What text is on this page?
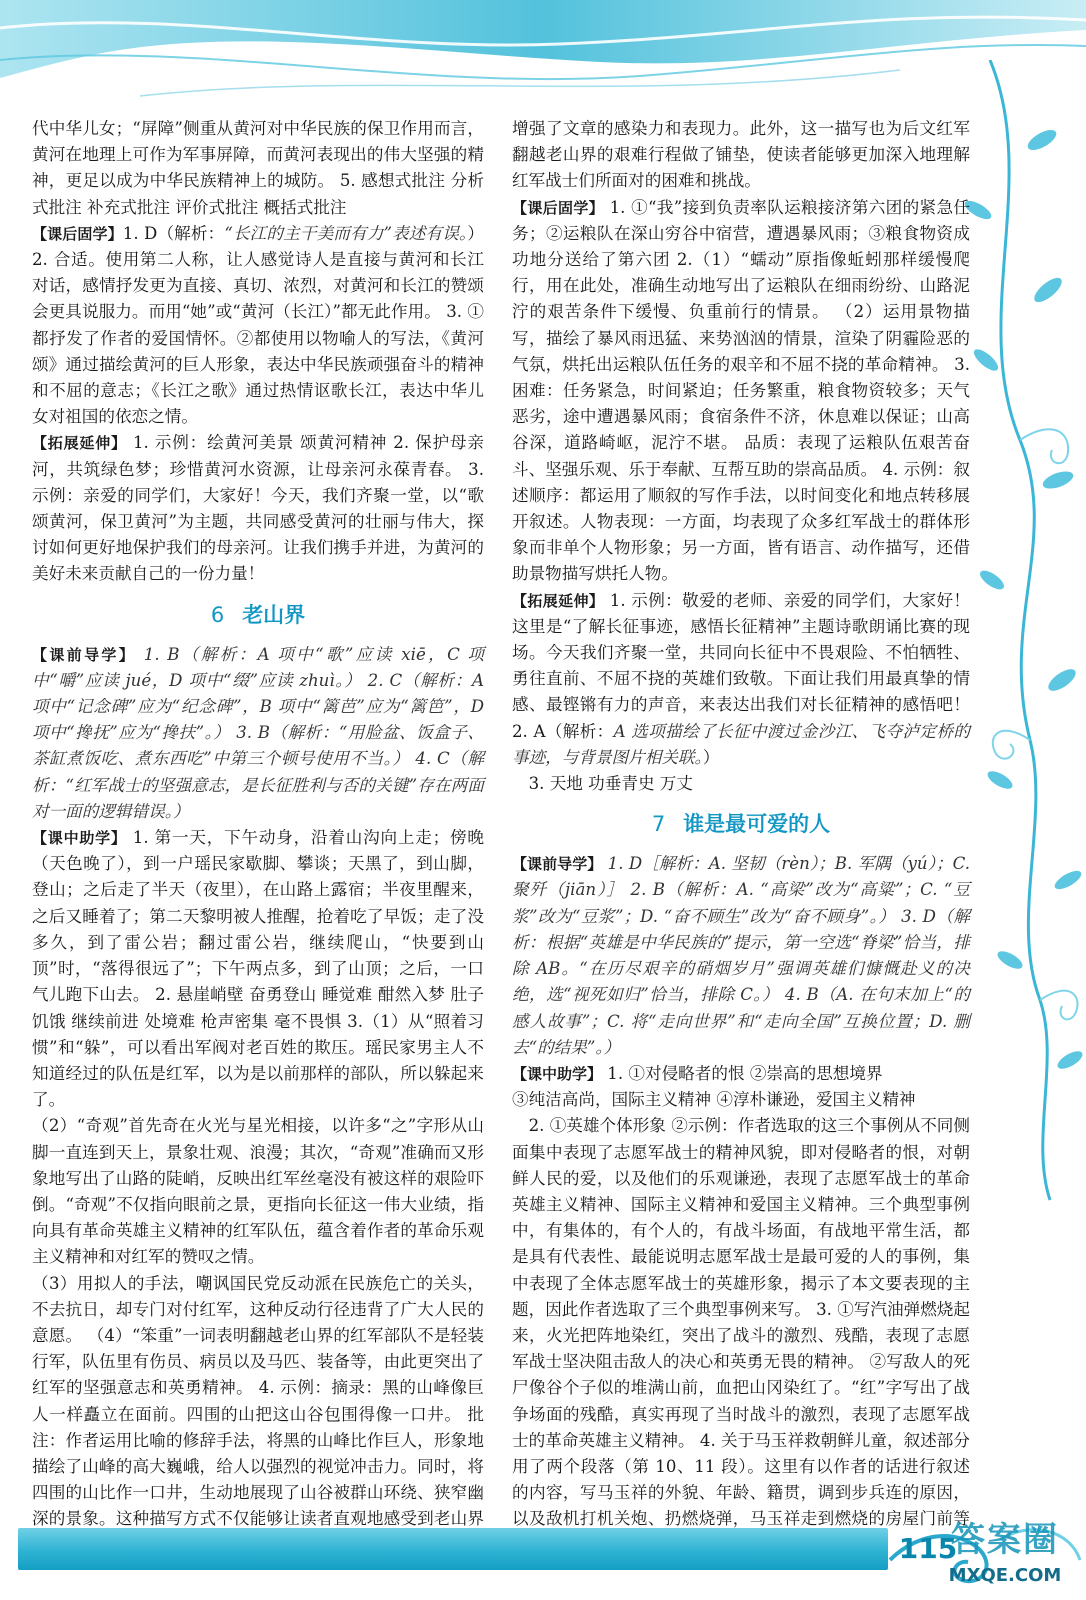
代中华儿女；“屏障”侧重从黄河对中华民族的保卫作用而言，黄河在地理上可作为军事屏障，而黄河表现出的伟大坚强的精神，更足以成为中华民族精神上的城防。 5. 感想式批注 分析式批注 补充式批注 评价式批注 概括式批注

【课后固学】1. D（解析：“长江的主干美而有力”表述有误。） 2. 合适。使用第二人称，让人感觉诗人是直接与黄河和长江对话，感情抒发更为直接、真切、浓烈，对黄河和长江的赞颂会更具说服力。而用“她”或“黄河（长江）”都无此作用。 3. ①都抒发了作者的爱国情怀。②都使用以物喻人的写法，《黄河颂》通过描绘黄河的巨人形象，表达中华民族顽强奋斗的精神和不屈的意志；《长江之歌》通过热情讴歌长江，表达中华儿女对祖国的依恋之情。

【拓展延伸】 1. 示例：绘黄河美景 颂黄河精神 2. 保护母亲河，共筑绿色梦；珍惜黄河水资源，让母亲河永葆青春。 3. 示例：亲爱的同学们，大家好！今天，我们齐聚一堂，以“歌颂黄河，保卫黄河”为主题，共同感受黄河的壮丽与伟大，探讨如何更好地保护我们的母亲河。让我们携手并进，为黄河的美好未来贡献自己的一份力量！

6 老山界

【课前导学】 1. B（解析：A 项中“歌”应读 xiē，C 项中“嚼”应读 jué，D 项中“缀”应读 zhuì。） 2. C（解析：A 项中“记念碑”应为“纪念碑”，B 项中“篱芭”应为“篱笆”，D 项中“搀抚”应为“搀扶”。） 3. B（解析：“用脸盆、饭盒子、茶缸煮饭吃、煮东西吃”中第三个顿号使用不当。） 4. C（解析：“红军战士的坚强意志，是长征胜利与否的关键”存在两面对一面的逻辑错误。）

【课中助学】 1. 第一天，下午动身，沿着山沟向上走；傍晚（天色晚了），到一户瑶民家歇脚、攀谈；天黑了，到山脚，登山；之后走了半天（夜里），在山路上露宿；半夜里醒来，之后又睡着了；第二天黎明被人推醒，抢着吃了早饭；走了没多久，到了雷公岩；翻过雷公岩，继续爬山，“快要到山顶”时，“落得很远了”；下午两点多，到了山顶；之后，一口气儿跑下山去。 2. 悬崖峭壁 奋勇登山 睡觉难 酣然入梦 肚子饥饿 继续前进 处境难 枪声密集 毫不畏惧 3.（1）从“照着习惯”和“躲”，可以看出军阀对老百姓的欺压。瑶民家男主人不知道经过的队伍是红军，以为是以前那样的部队，所以躲起来了。

（2）“奇观”首先奇在火光与星光相接，以许多“之”字形从山脚一直连到天上，景象壮观、浪漫；其次，“奇观”准确而又形象地写出了山路的陡峭，反映出红军丝毫没有被这样的艰险吓倒。“奇观”不仅指向眼前之景，更指向长征这一伟大业绩，指向具有革命英雄主义精神的红军队伍，蕴含着作者的革命乐观主义精神和对红军的赞叹之情。

（3）用拟人的手法，嘲讽国民党反动派在民族危亡的关头，不去抗日，却专门对付红军，这种反动行径违背了广大人民的意愿。 （4）“笨重”一词表明翻越老山界的红军部队不是轻装行军，队伍里有伤员、病员以及马匹、装备等，由此更突出了红军的坚强意志和英勇精神。 4. 示例：摘录：黑的山峰像巨人一样矗立在面前。四围的山把这山谷包围得像一口井。 批注：作者运用比喻的修辞手法，将黑的山峰比作巨人，形象地描绘了山峰的高大巍峨，给人以强烈的视觉冲击力。同时，将四围的山比作一口井，生动地展现了山谷被群山环绕、狭窄幽深的景象。这种描写方式不仅能够让读者直观地感受到老山界

增强了文章的感染力和表现力。此外，这一描写也为后文红军翻越老山界的艰难行程做了铺垫，使读者能够更加深入地理解红军战士们所面对的困难和挑战。

【课后固学】 1. ①“我”接到负责率队运粮接济第六团的紧急任务；②运粮队在深山穷谷中宿营，遭遇暴风雨；③粮食物资成功地分送给了第六团 2.（1）“蠕动”原指像蚯蚓那样缓慢爬行，用在此处，准确生动地写出了运粮队在细雨纷纷、山路泥泞的艰苦条件下缓慢、负重前行的情景。 （2）运用景物描写，描绘了暴风雨迅猛、来势汹汹的情景，渲染了阴霾险恶的气氛，烘托出运粮队伍任务的艰辛和不屈不挠的革命精神。 3. 困难：任务紧急，时间紧迫；任务繁重，粮食物资较多；天气恶劣，途中遭遇暴风雨；食宿条件不济，休息难以保证；山高谷深，道路崎岖，泥泞不堪。 品质：表现了运粮队伍艰苦奋斗、坚强乐观、乐于奉献、互帮互助的崇高品质。 4. 示例：叙述顺序：都运用了顺叙的写作手法，以时间变化和地点转移展开叙述。人物表现：一方面，均表现了众多红军战士的群体形象而非单个人物形象；另一方面，皆有语言、动作描写，还借助景物描写烘托人物。

【拓展延伸】 1. 示例：敬爱的老师、亲爱的同学们，大家好！这里是“了解长征事迹，感悟长征精神”主题诗歌朗诵比赛的现场。今天我们齐聚一堂，共同向长征中不畏艰险、不怕牺牲、勇往直前、不屈不挠的英雄们致敬。下面让我们用最真挚的情感、最铿锵有力的声音，来表达出我们对长征精神的感悟吧！ 2. A（解析：A 选项描绘了长征中渡过金沙江、飞夺泸定桥的事迹，与背景图片相关联。）

3. 天地 功垂青史 万丈

7 谁是最可爱的人

【课前导学】 1. D［解析：A. 坚韧（rèn）；B. 军隅（yú）；C. 聚歼（jiān）］ 2. B（解析：A. “高梁”改为“高粱”；C. “豆浆”改为“豆浆”；D. “奋不顾生”改为“奋不顾身”。） 3. D（解析：根据“英雄是中华民族的”提示，第一空选“脊梁”恰当，排除 AB。“在历尽艰辛的硝烟岁月”强调英雄们慷慨赴义的决绝，选“视死如归”恰当，排除 C。） 4. B（A. 在句末加上“的感人故事”；C. 将“走向世界”和“走向全国”互换位置；D. 删去“的结果”。）

【课中助学】 1. ①对侵略者的恨 ②崇高的思想境界

③纯洁高尚，国际主义精神 ④淳朴谦逊，爱国主义精神

2. ①英雄个体形象 ②示例：作者选取的这三个事例从不同侧面集中表现了志愿军战士的精神风貌，即对侵略者的恨，对朝鲜人民的爱，以及他们的乐观谦逊，表现了志愿军战士的革命英雄主义精神、国际主义精神和爱国主义精神。三个典型事例中，有集体的，有个人的，有战斗场面，有战地平常生活，都是具有代表性、最能说明志愿军战士是最可爱的人的事例，集中表现了全体志愿军战士的英雄形象，揭示了本文要表现的主题，因此作者选取了三个典型事例来写。 3. ①写汽油弹燃烧起来，火光把阵地染红，突出了战斗的激烈、残酷，表现了志愿军战士坚决阻击敌人的决心和英勇无畏的精神。 ②写敌人的死尸像谷个子似的堆满山前，血把山冈染红了。“红”字写出了战争场面的残酷，真实再现了当时战斗的激烈，表现了志愿军战士的革命英雄主义精神。 4. 关于马玉祥救朝鲜儿童，叙述部分用了两个段落（第 10、11 段）。这里有以作者的话进行叙述的内容，写马玉祥的外貌、年龄、籍贯，调到步兵连的原因，以及敌机打机关炮、扔燃烧弹，马玉祥走到燃烧的房屋门前等

115
答案圈
MXQE.COM
